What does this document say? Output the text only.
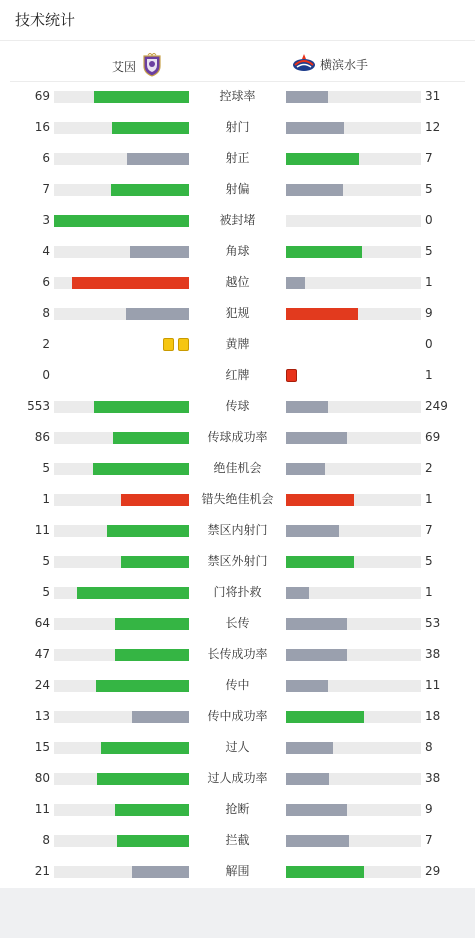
技术统计
艾因	横滨水手
69	控球率	31
16	射门	12
6	射正	7
7	射偏	5
3	被封堵	0
4	角球	5
6	越位	1
8	犯规	9
2	黄牌	0
0	红牌	1
553	传球	249
86	传球成功率	69
5	绝佳机会	2
1	错失绝佳机会	1
11	禁区内射门	7
5	禁区外射门	5
5	门将扑救	1
64	长传	53
47	长传成功率	38
24	传中	11
13	传中成功率	18
15	过人	8
80	过人成功率	38
11	抢断	9
8	拦截	7
21	解围	29
